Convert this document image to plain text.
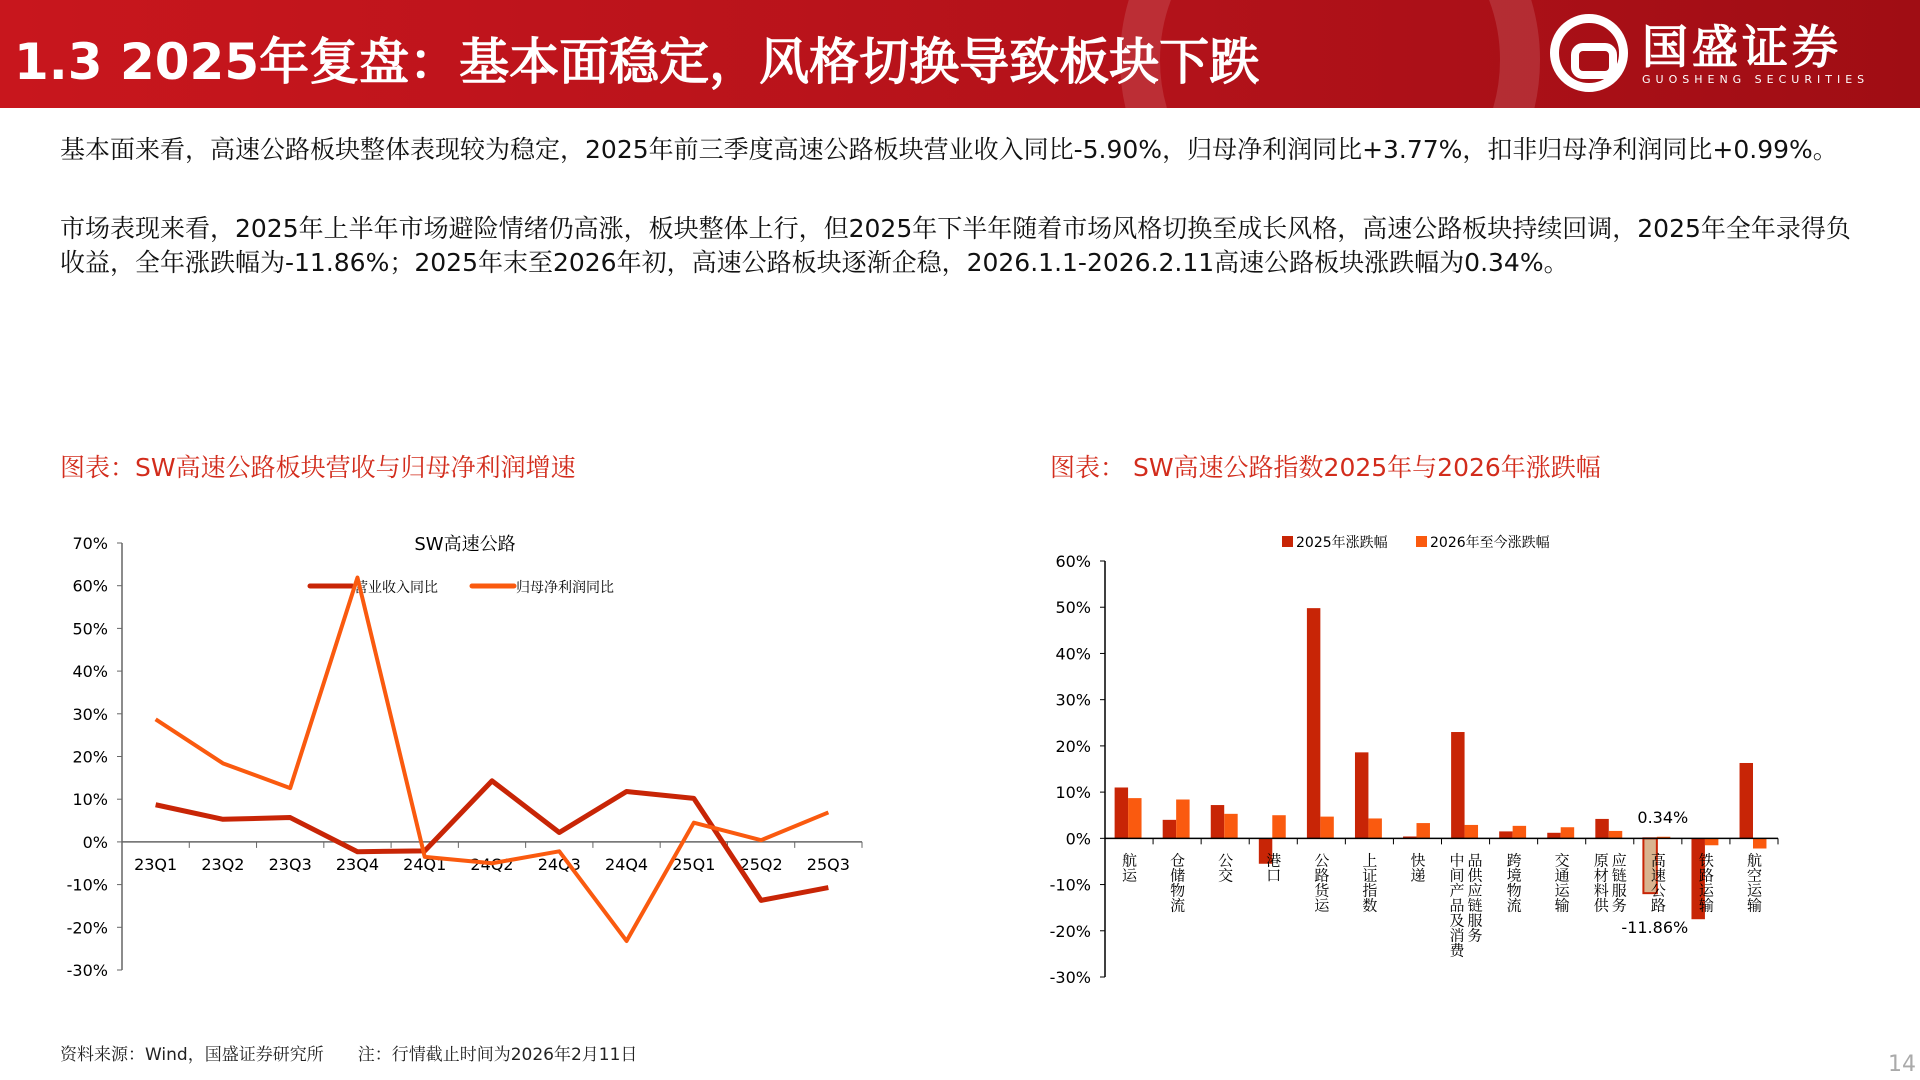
1.3 2025年复盘：基本面稳定，风格切换导致板块下跌	国盛证券
GUOSHENG SECURITIES
基本面来看，高速公路板块整体表现较为稳定，2025年前三季度高速公路板块营业收入同比-5.90%，归母净利润同比+3.77%，扣非归母净利润同比+0.99%。
市场表现来看，2025年上半年市场避险情绪仍高涨，板块整体上行，但2025年下半年随着市场风格切换至成长风格，高速公路板块持续回调，2025年全年录得负收益，全年涨跌幅为-11.86%；2025年末至2026年初，高速公路板块逐渐企稳，2026.1.1-2026.2.11高速公路板块涨跌幅为0.34%。
图表：SW高速公路板块营收与归母净利润增速	图表： SW高速公路指数2025年与2026年涨跌幅
70%
60%
50%
40%
30%
20%
10%
0%
-10%
-20%
-30%
23Q1 23Q2 23Q3 23Q4 24Q1 24Q2 24Q3 24Q4 25Q1 25Q2 25Q3
SW高速公路
营业收入同比	归母净利润同比
60%
50%
40%
30%
20%
10%
0%
-10%
-20%
-30%
航运 仓储物流 公交 港口 公路货运 上证指数 快递 中间产品及消费品供应链服务 跨境物流 交通运输 原材料供应链服务 高速公路 铁路运输 航空运输
0.34%
-11.86%
2025年涨跌幅	2026年至今涨跌幅
资料来源：Wind，国盛证券研究所　　注：行情截止时间为2026年2月11日	14
